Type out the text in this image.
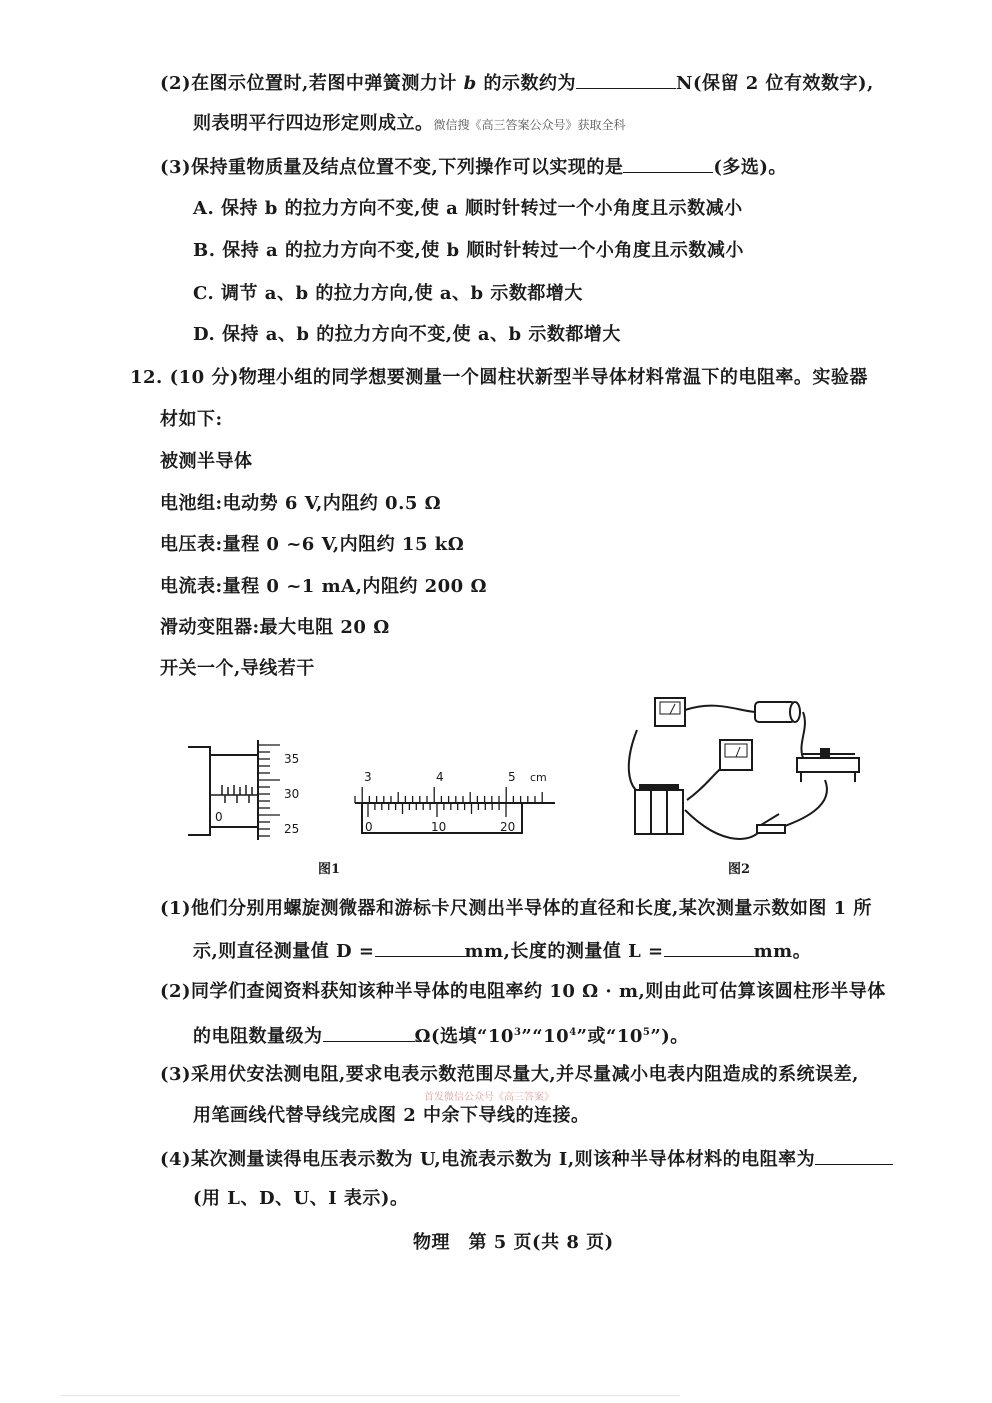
(2)在图示位置时,若图中弹簧测力计 b 的示数约为	N(保留 2 位有效数字),
则表明平行四边形定则成立。微信搜《高三答案公众号》获取全科
(3)保持重物质量及结点位置不变,下列操作可以实现的是	(多选)。
A. 保持 b 的拉力方向不变,使 a 顺时针转过一个小角度且示数减小
B. 保持 a 的拉力方向不变,使 b 顺时针转过一个小角度且示数减小
C. 调节 a、b 的拉力方向,使 a、b 示数都增大
D. 保持 a、b 的拉力方向不变,使 a、b 示数都增大
12. (10 分)物理小组的同学想要测量一个圆柱状新型半导体材料常温下的电阻率。实验器
材如下:
被测半导体
电池组:电动势 6 V,内阻约 0.5 Ω
电压表:量程 0 ~6 V,内阻约 15 kΩ
电流表:量程 0 ~1 mA,内阻约 200 Ω
滑动变阻器:最大电阻 20 Ω
开关一个,导线若干
35
30
25
0
3	4	5 cm
0	10	20
图1	图2
(1)他们分别用螺旋测微器和游标卡尺测出半导体的直径和长度,某次测量示数如图 1 所
示,则直径测量值 D =	mm,长度的测量值 L =	mm。
(2)同学们查阅资料获知该种半导体的电阻率约 10 Ω · m,则由此可估算该圆柱形半导体
的电阻数量级为	Ω(选填“$10^3”“10^4$”或“$10^5$”)。
(3)采用伏安法测电阻,要求电表示数范围尽量大,并尽量减小电表内阻造成的系统误差,
首发微信公众号《高三答案》
用笔画线代替导线完成图 2 中余下导线的连接。
(4)某次测量读得电压表示数为 U,电流表示数为 I,则该种半导体材料的电阻率为
(用 L、D、U、I 表示)。
物理　第 5 页(共 8 页)
